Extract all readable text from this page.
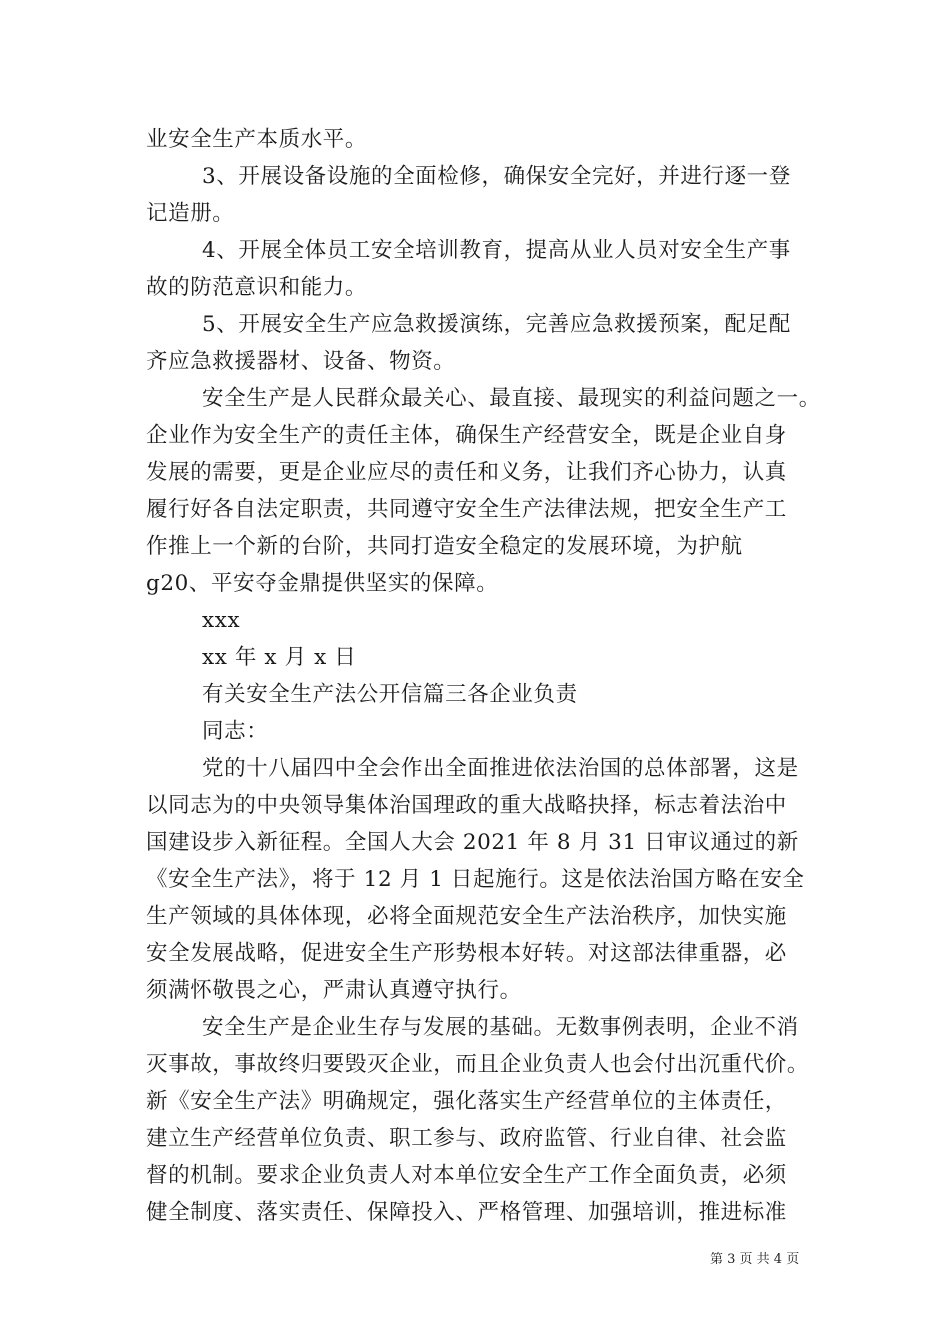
业安全生产本质水平。
3、开展设备设施的全面检修，确保安全完好，并进行逐一登
记造册。
4、开展全体员工安全培训教育，提高从业人员对安全生产事
故的防范意识和能力。
5、开展安全生产应急救援演练，完善应急救援预案，配足配
齐应急救援器材、设备、物资。
安全生产是人民群众最关心、最直接、最现实的利益问题之一。
企业作为安全生产的责任主体，确保生产经营安全，既是企业自身
发展的需要，更是企业应尽的责任和义务，让我们齐心协力，认真
履行好各自法定职责，共同遵守安全生产法律法规，把安全生产工
作推上一个新的台阶，共同打造安全稳定的发展环境，为护航
g20、平安夺金鼎提供坚实的保障。
xxx
xx 年 x 月 x 日
有关安全生产法公开信篇三各企业负责
同志：
党的十八届四中全会作出全面推进依法治国的总体部署，这是
以同志为的中央领导集体治国理政的重大战略抉择，标志着法治中
国建设步入新征程。全国人大会 2021 年 8 月 31 日审议通过的新
《安全生产法》，将于 12 月 1 日起施行。这是依法治国方略在安全
生产领域的具体体现，必将全面规范安全生产法治秩序，加快实施
安全发展战略，促进安全生产形势根本好转。对这部法律重器，必
须满怀敬畏之心，严肃认真遵守执行。
安全生产是企业生存与发展的基础。无数事例表明，企业不消
灭事故，事故终归要毁灭企业，而且企业负责人也会付出沉重代价。
新《安全生产法》明确规定，强化落实生产经营单位的主体责任，
建立生产经营单位负责、职工参与、政府监管、行业自律、社会监
督的机制。要求企业负责人对本单位安全生产工作全面负责，必须
健全制度、落实责任、保障投入、严格管理、加强培训，推进标准
第 3 页 共 4 页
